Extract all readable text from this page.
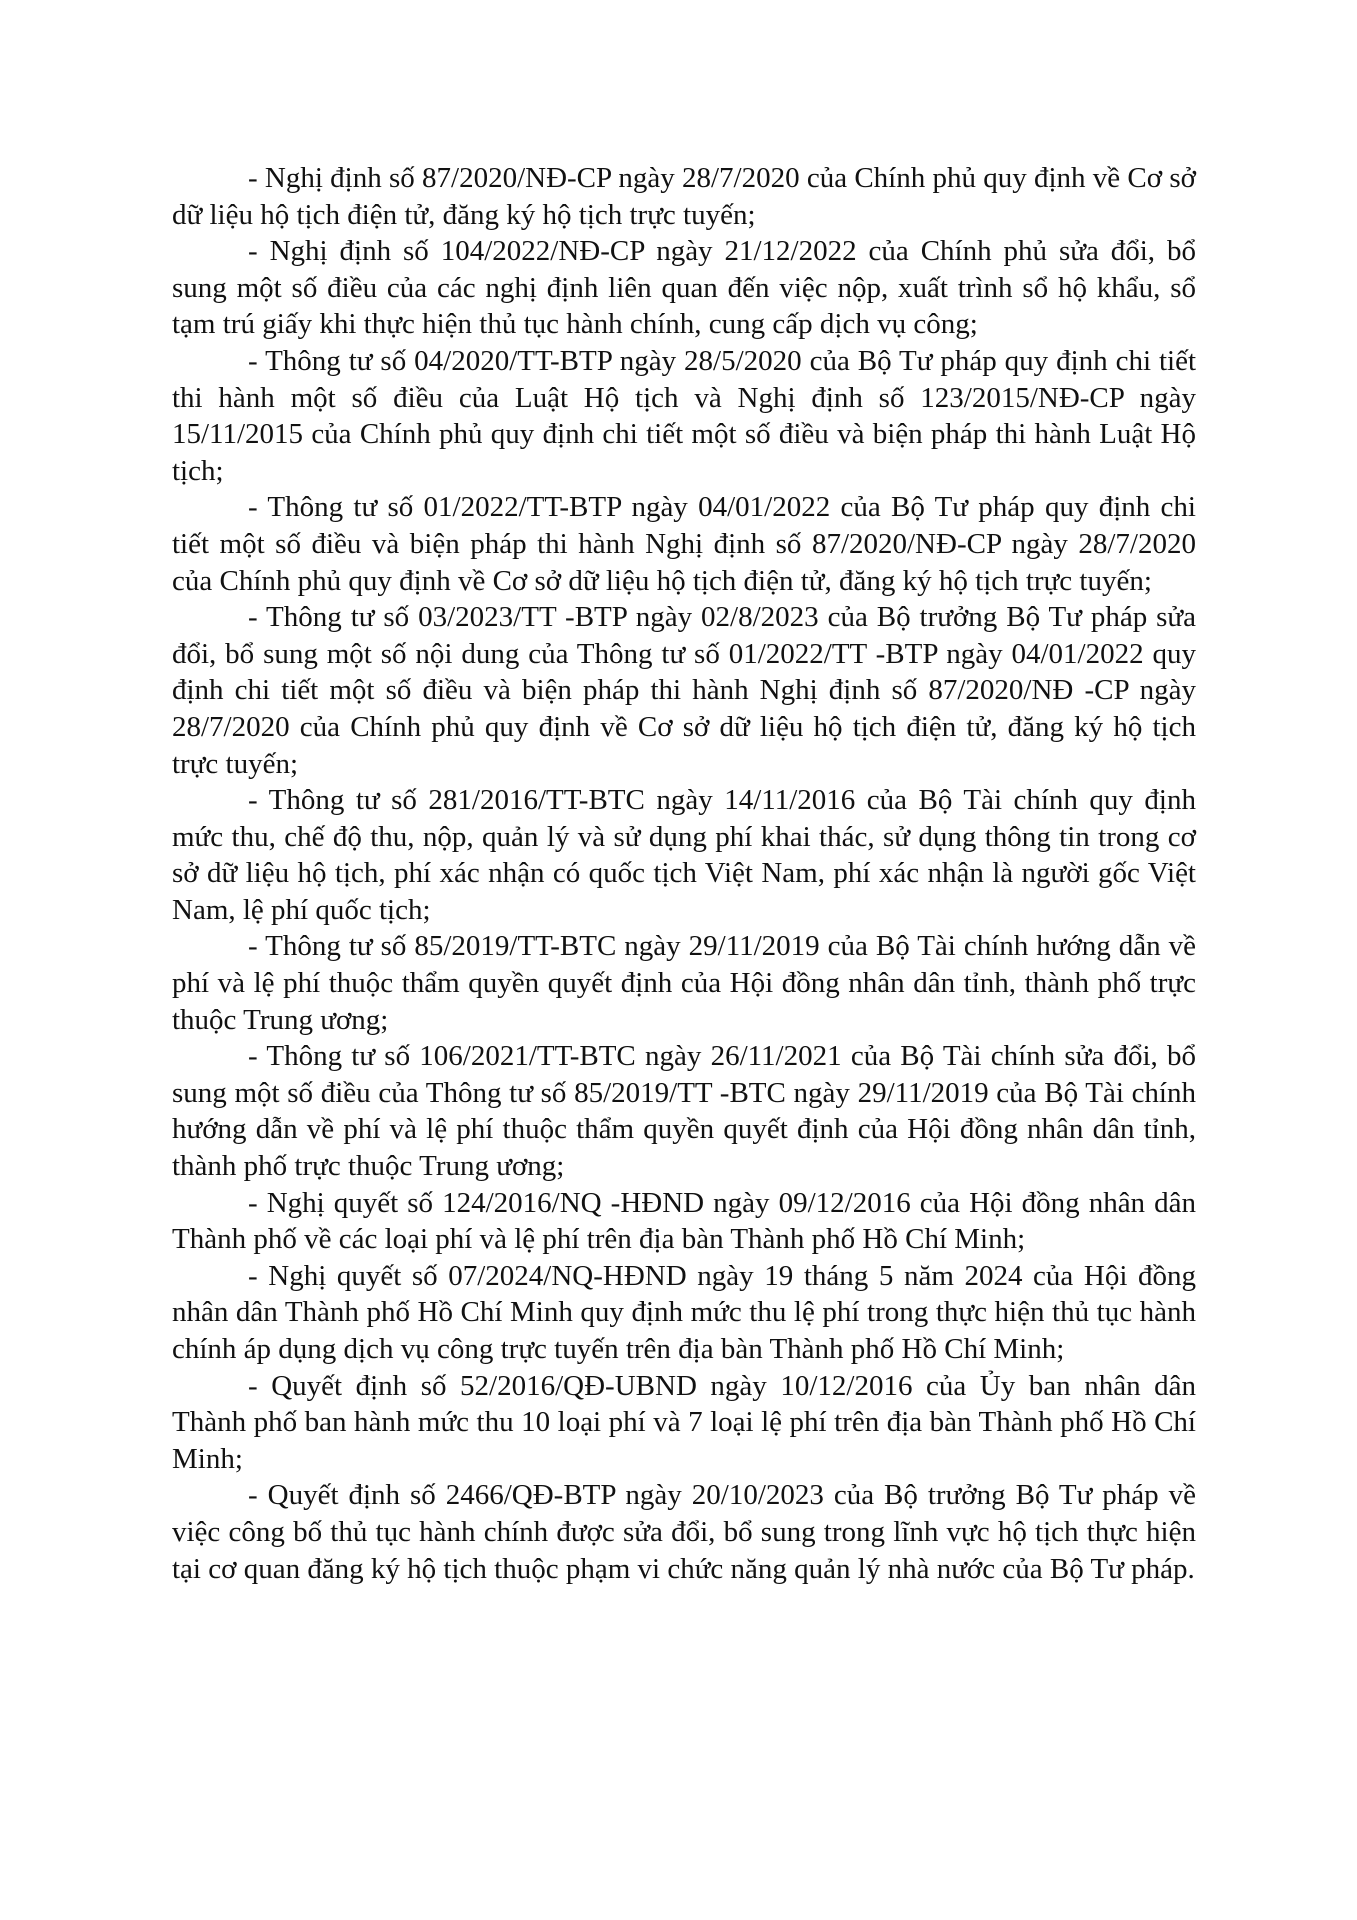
- Nghị định số 87/2020/NĐ-CP ngày 28/7/2020 của Chính phủ quy định về Cơ sở dữ liệu hộ tịch điện tử, đăng ký hộ tịch trực tuyến;

- Nghị định số 104/2022/NĐ-CP ngày 21/12/2022 của Chính phủ sửa đổi, bổ sung một số điều của các nghị định liên quan đến việc nộp, xuất trình sổ hộ khẩu, sổ tạm trú giấy khi thực hiện thủ tục hành chính, cung cấp dịch vụ công;

- Thông tư số 04/2020/TT-BTP ngày 28/5/2020 của Bộ Tư pháp quy định chi tiết thi hành một số điều của Luật Hộ tịch và Nghị định số 123/2015/NĐ-CP ngày 15/11/2015 của Chính phủ quy định chi tiết một số điều và biện pháp thi hành Luật Hộ tịch;

- Thông tư số 01/2022/TT-BTP ngày 04/01/2022 của Bộ Tư pháp quy định chi tiết một số điều và biện pháp thi hành Nghị định số 87/2020/NĐ-CP ngày 28/7/2020 của Chính phủ quy định về Cơ sở dữ liệu hộ tịch điện tử, đăng ký hộ tịch trực tuyến;

- Thông tư số 03/2023/TT -BTP ngày 02/8/2023 của Bộ trưởng Bộ Tư pháp sửa đổi, bổ sung một số nội dung của Thông tư số 01/2022/TT -BTP ngày 04/01/2022 quy định chi tiết một số điều và biện pháp thi hành Nghị định số 87/2020/NĐ -CP ngày 28/7/2020 của Chính phủ quy định về Cơ sở dữ liệu hộ tịch điện tử, đăng ký hộ tịch trực tuyến;

- Thông tư số 281/2016/TT-BTC ngày 14/11/2016 của Bộ Tài chính quy định mức thu, chế độ thu, nộp, quản lý và sử dụng phí khai thác, sử dụng thông tin trong cơ sở dữ liệu hộ tịch, phí xác nhận có quốc tịch Việt Nam, phí xác nhận là người gốc Việt Nam, lệ phí quốc tịch;

- Thông tư số 85/2019/TT-BTC ngày 29/11/2019 của Bộ Tài chính hướng dẫn về phí và lệ phí thuộc thẩm quyền quyết định của Hội đồng nhân dân tỉnh, thành phố trực thuộc Trung ương;

- Thông tư số 106/2021/TT-BTC ngày 26/11/2021 của Bộ Tài chính sửa đổi, bổ sung một số điều của Thông tư số 85/2019/TT -BTC ngày 29/11/2019 của Bộ Tài chính hướng dẫn về phí và lệ phí thuộc thẩm quyền quyết định của Hội đồng nhân dân tỉnh, thành phố trực thuộc Trung ương;

- Nghị quyết số 124/2016/NQ -HĐND ngày 09/12/2016 của Hội đồng nhân dân Thành phố về các loại phí và lệ phí trên địa bàn Thành phố Hồ Chí Minh;

- Nghị quyết số 07/2024/NQ-HĐND ngày 19 tháng 5 năm 2024 của Hội đồng nhân dân Thành phố Hồ Chí Minh quy định mức thu lệ phí trong thực hiện thủ tục hành chính áp dụng dịch vụ công trực tuyến trên địa bàn Thành phố Hồ Chí Minh;

- Quyết định số 52/2016/QĐ-UBND ngày 10/12/2016 của Ủy ban nhân dân Thành phố ban hành mức thu 10 loại phí và 7 loại lệ phí trên địa bàn Thành phố Hồ Chí Minh;

- Quyết định số 2466/QĐ-BTP ngày 20/10/2023 của Bộ trưởng Bộ Tư pháp về việc công bố thủ tục hành chính được sửa đổi, bổ sung trong lĩnh vực hộ tịch thực hiện tại cơ quan đăng ký hộ tịch thuộc phạm vi chức năng quản lý nhà nước của Bộ Tư pháp.
